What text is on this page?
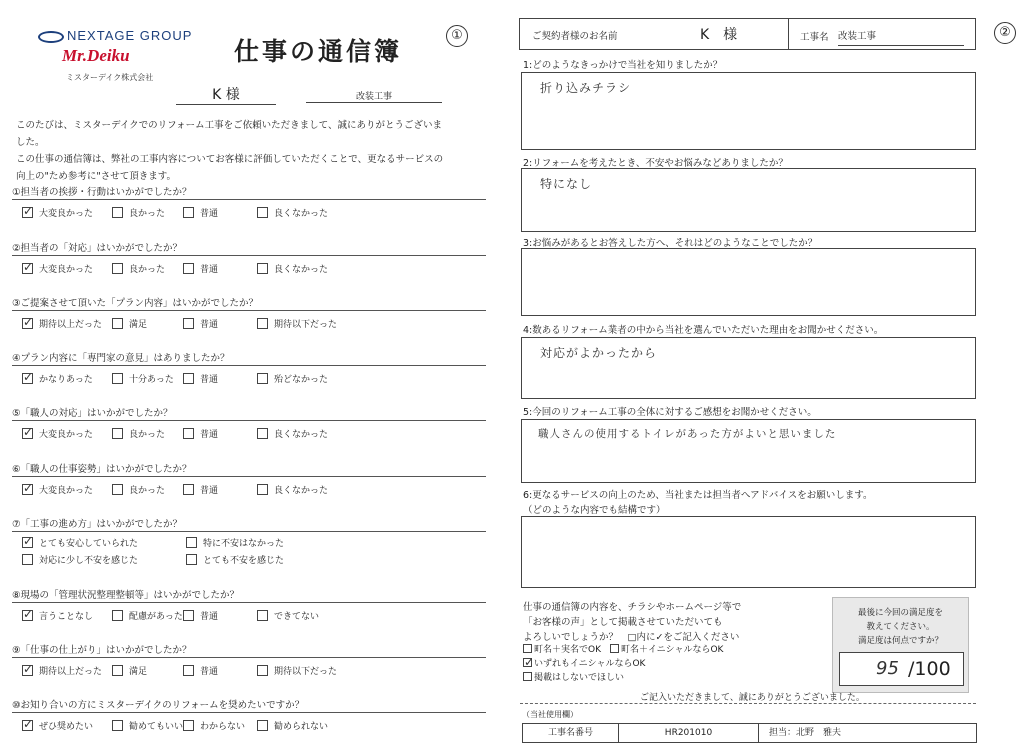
NEXTAGE GROUP
Mr.Deiku
ミスターデイク株式会社
仕事の通信簿
①
K 様	改装工事
このたびは、ミスターデイクでのリフォーム工事をご依頼いただきまして、誠にありがとうございました。
この仕事の通信簿は、弊社の工事内容についてお客様に評価していただくことで、更なるサービスの
向上の"ため参考に"させて頂きます。
①担当者の挨拶・行動はいかがでしたか？
✓
大変良かった	良かった	普通	良くなかった
②担当者の「対応」はいかがでしたか？
✓
大変良かった	良かった	普通	良くなかった
③ご提案させて頂いた「プラン内容」はいかがでしたか？
✓
期待以上だった	満足	普通	期待以下だった
④プラン内容に「専門家の意見」はありましたか？
✓
かなりあった	十分あった	普通	殆どなかった
⑤「職人の対応」はいかがでしたか？
✓
大変良かった	良かった	普通	良くなかった
⑥「職人の仕事姿勢」はいかがでしたか？
✓
大変良かった	良かった	普通	良くなかった
⑦「工事の進め方」はいかがでしたか？
✓
とても安心していられた	特に不安はなかった
対応に少し不安を感じた	とても不安を感じた
⑧現場の「管理状況整理整頓等」はいかがでしたか？
✓
言うことなし	配慮があった 普通	できてない
⑨「仕事の仕上がり」はいかがでしたか？
✓
期待以上だった	満足	普通	期待以下だった
⑩お知り合いの方にミスターデイクのリフォームを奨めたいですか？
✓
ぜひ奨めたい	勧めてもいい わからない	勧められない
②
ご契約者様のお名前	K　様	工事名 改装工事
1:どのようなきっかけで当社を知りましたか？
折り込みチラシ
2:リフォームを考えたとき、不安やお悩みなどありましたか？
特になし
3:お悩みがあるとお答えした方へ、それはどのようなことでしたか？
4:数あるリフォーム業者の中から当社を選んでいただいた理由をお聞かせください。
対応がよかったから
5:今回のリフォーム工事の全体に対するご感想をお聞かせください。
職人さんの使用するトイレがあった方がよいと思いました
6:更なるサービスの向上のため、当社または担当者へアドバイスをお願いします。
（どのような内容でも結構です）
仕事の通信簿の内容を、チラシやホームページ等で
「お客様の声」として掲載させていただいても
よろしいでしょうか？　□内に✓をご記入ください
町名＋実名でOK 町名＋イニシャルならOK
✓
いずれもイニシャルならOK
掲載はしないでほしい
最後に今回の満足度を
教えてください。
満足度は何点ですか？
95 /100
ご記入いただきまして、誠にありがとうございました。
（当社使用欄）
工事名番号	HR201010	担当：北野　雅夫
